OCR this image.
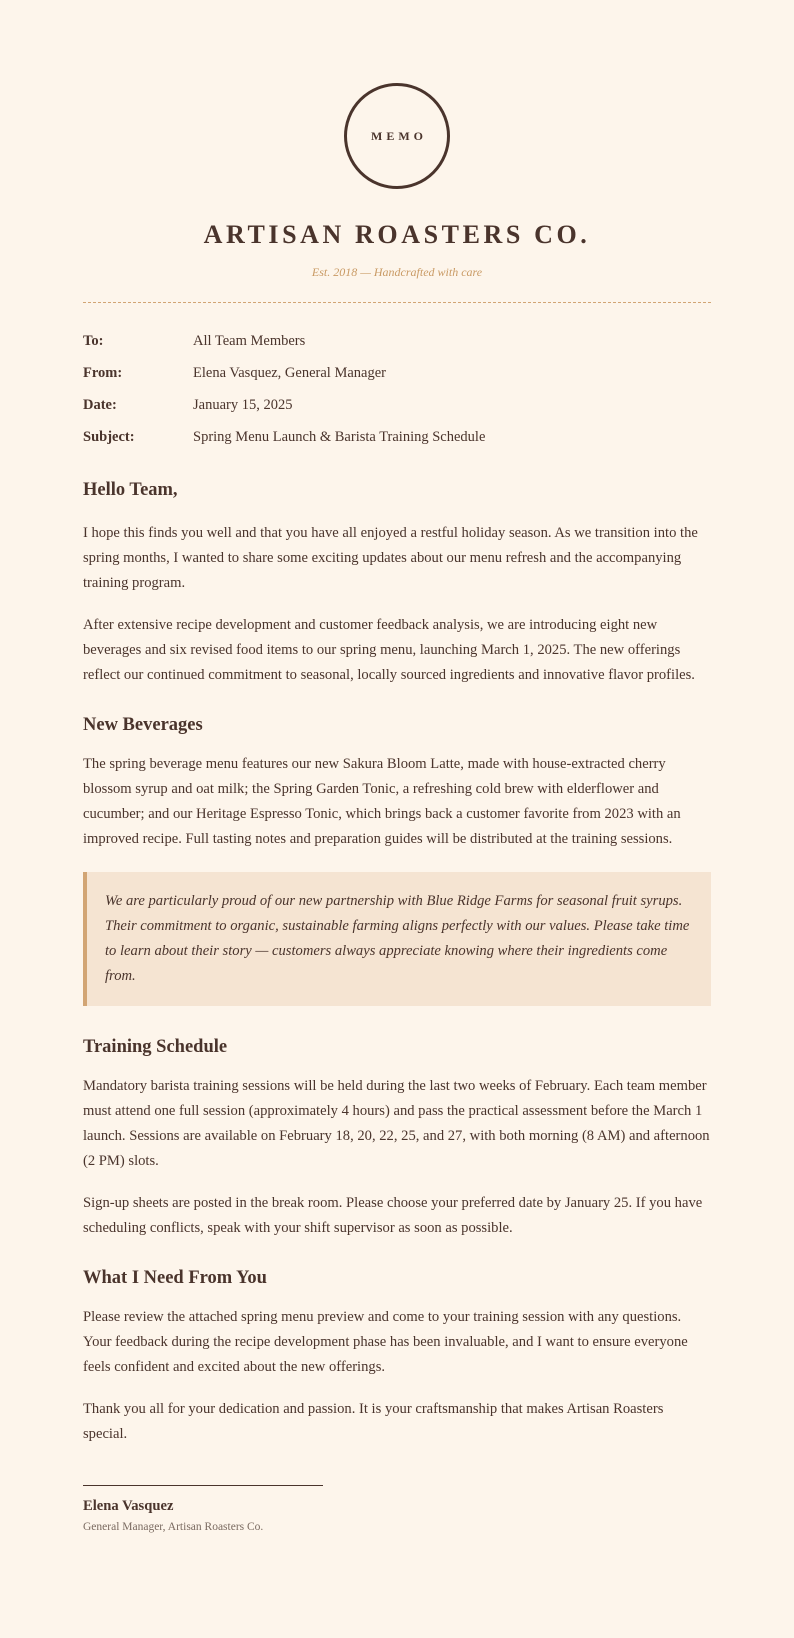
MEMO
ARTISAN ROASTERS CO.
Est. 2018 — Handcrafted with care
To:	All Team Members
From:	Elena Vasquez, General Manager
Date:	January 15, 2025
Subject:	Spring Menu Launch & Barista Training Schedule
Hello Team,

I hope this finds you well and that you have all enjoyed a restful holiday season. As we transition into the spring months, I wanted to share some exciting updates about our menu refresh and the accompanying training program.

After extensive recipe development and customer feedback analysis, we are introducing eight new beverages and six revised food items to our spring menu, launching March 1, 2025. The new offerings reflect our continued commitment to seasonal, locally sourced ingredients and innovative flavor profiles.

New Beverages

The spring beverage menu features our new Sakura Bloom Latte, made with house-extracted cherry blossom syrup and oat milk; the Spring Garden Tonic, a refreshing cold brew with elderflower and cucumber; and our Heritage Espresso Tonic, which brings back a customer favorite from 2023 with an improved recipe. Full tasting notes and preparation guides will be distributed at the training sessions.

We are particularly proud of our new partnership with Blue Ridge Farms for seasonal fruit syrups. Their commitment to organic, sustainable farming aligns perfectly with our values. Please take time to learn about their story — customers always appreciate knowing where their ingredients come from.

Training Schedule

Mandatory barista training sessions will be held during the last two weeks of February. Each team member must attend one full session (approximately 4 hours) and pass the practical assessment before the March 1 launch. Sessions are available on February 18, 20, 22, 25, and 27, with both morning (8 AM) and afternoon (2 PM) slots.

Sign-up sheets are posted in the break room. Please choose your preferred date by January 25. If you have scheduling conflicts, speak with your shift supervisor as soon as possible.

What I Need From You

Please review the attached spring menu preview and come to your training session with any questions. Your feedback during the recipe development phase has been invaluable, and I want to ensure everyone feels confident and excited about the new offerings.

Thank you all for your dedication and passion. It is your craftsmanship that makes Artisan Roasters special.

Elena Vasquez
General Manager, Artisan Roasters Co.
